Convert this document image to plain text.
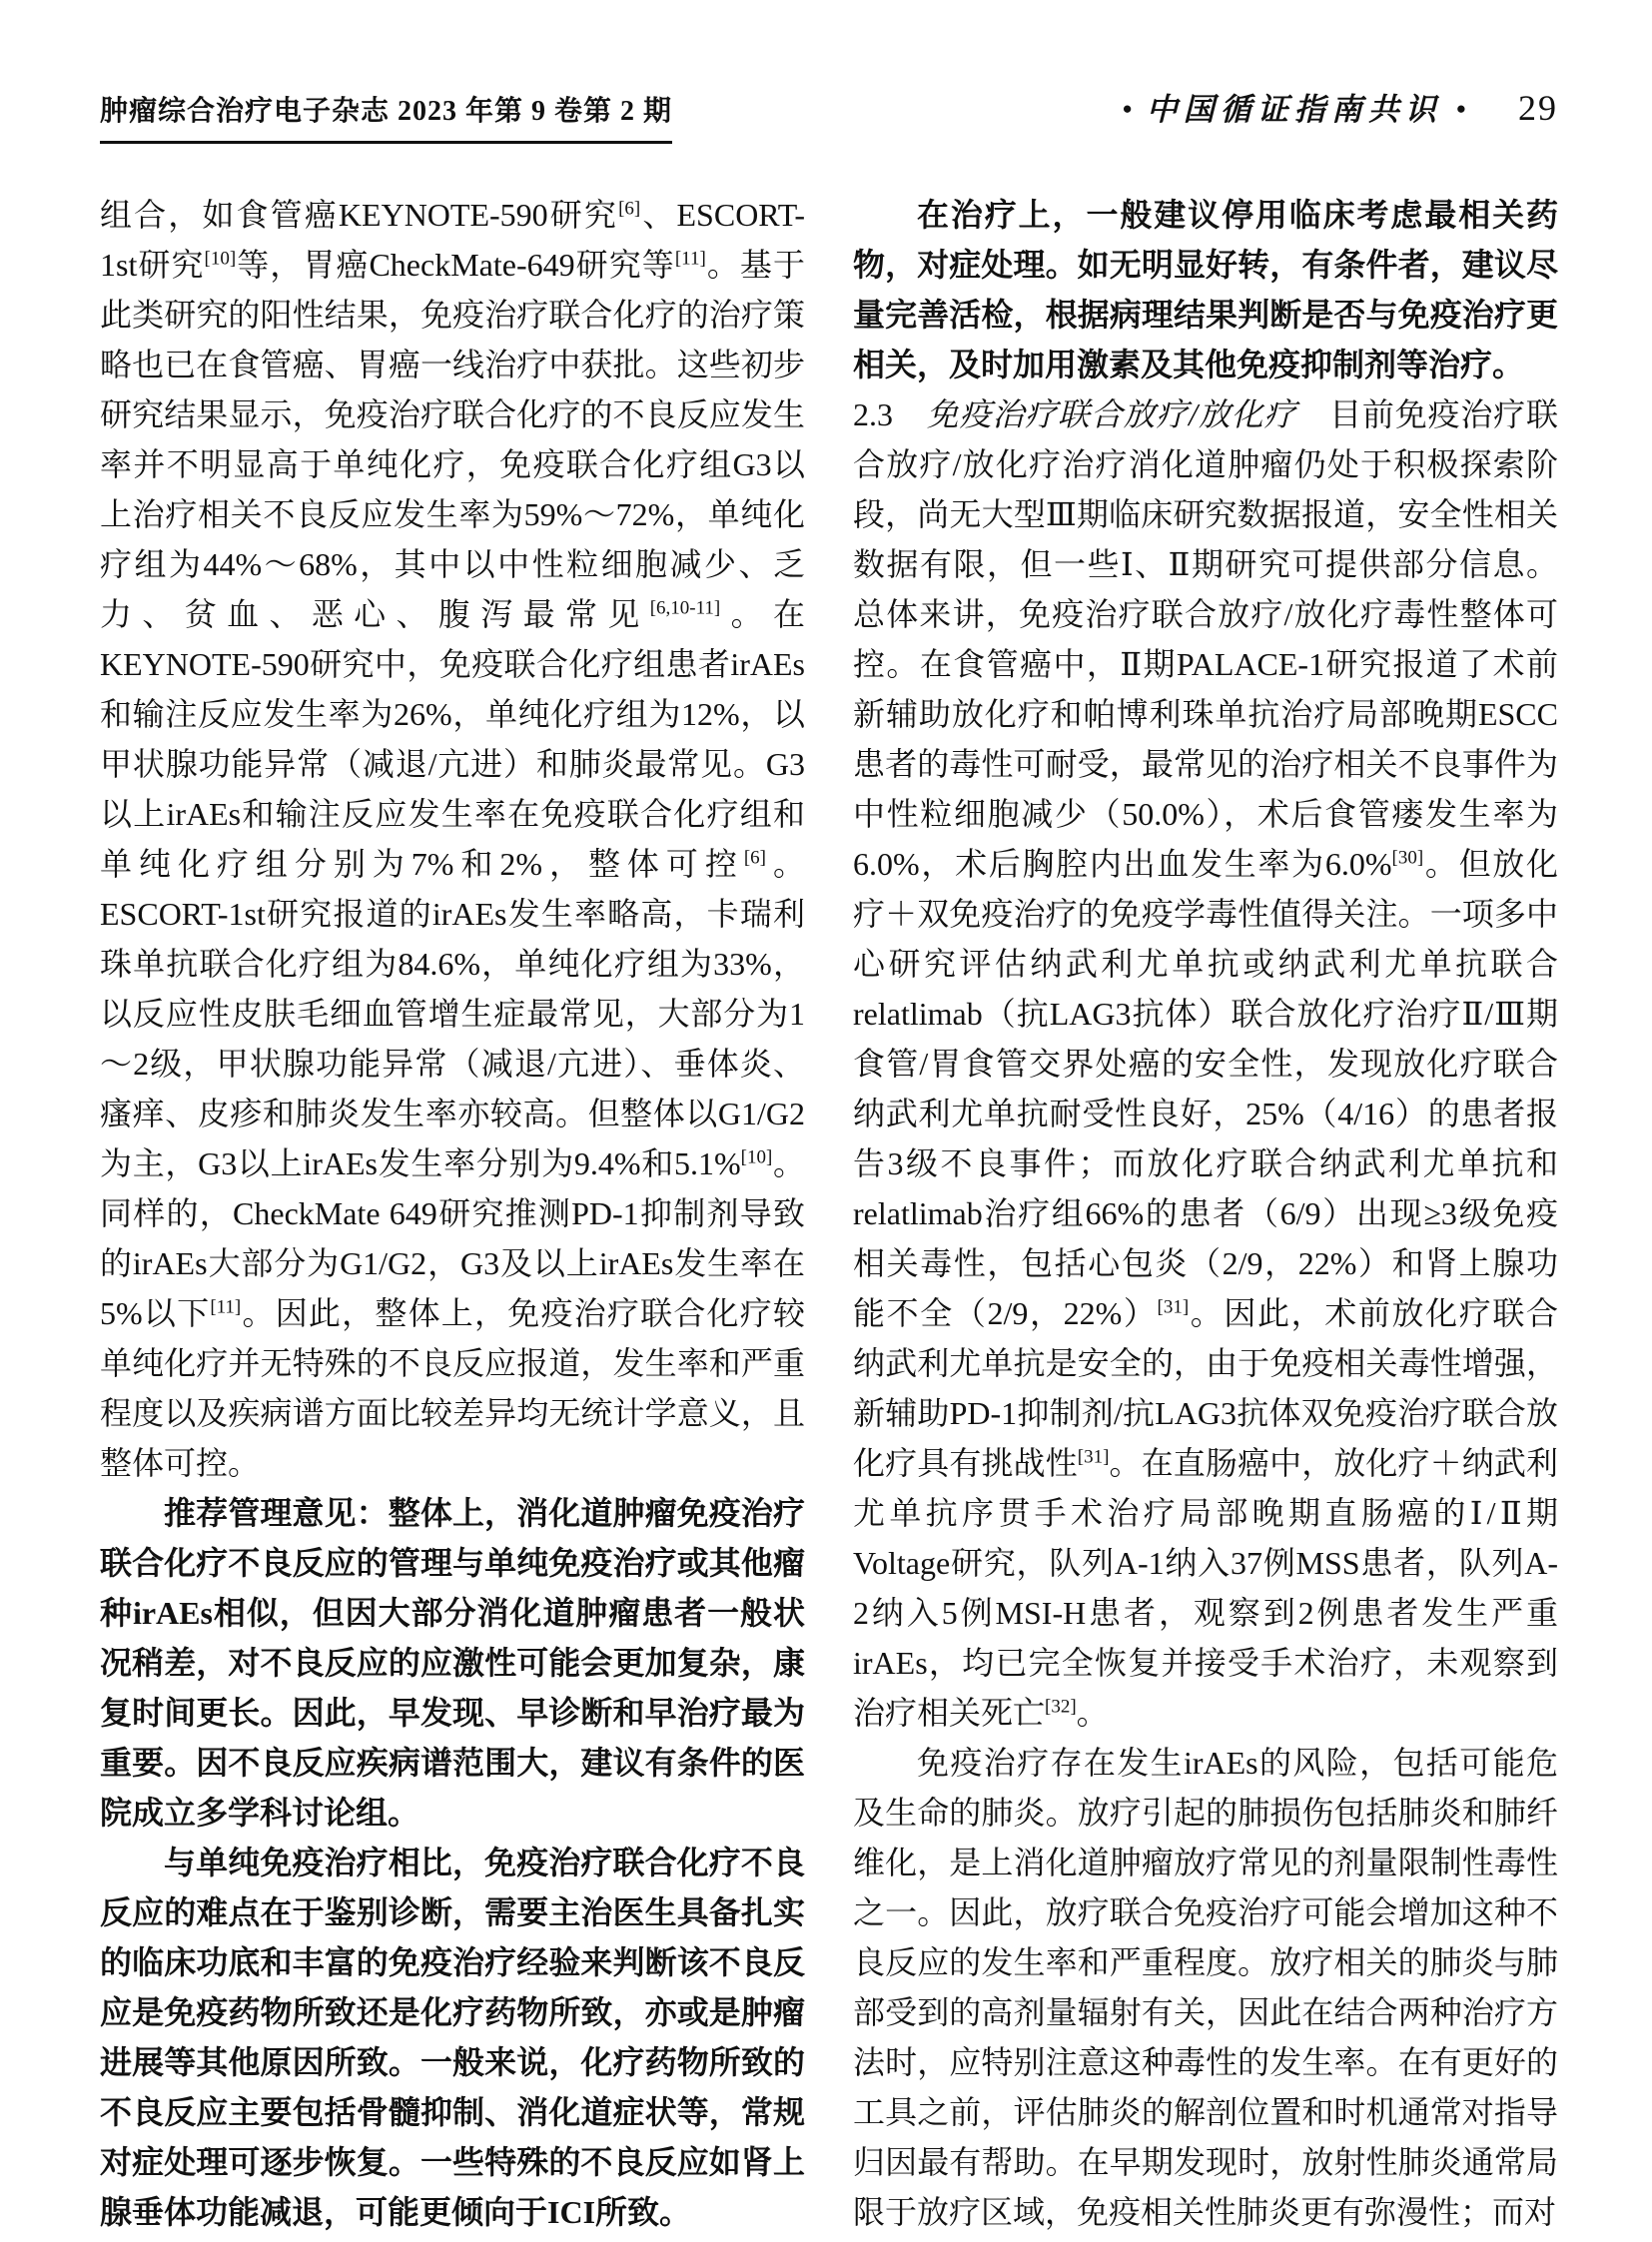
肿瘤综合治疗电子杂志 2023 年第 9 卷第 2 期	● 中国循证指南共识 ● 29

组合，如食管癌KEYNOTE-590研究[6]、ESCORT-1st研究[10]等，胃癌CheckMate-649研究等[11]。基于此类研究的阳性结果，免疫治疗联合化疗的治疗策略也已在食管癌、胃癌一线治疗中获批。这些初步研究结果显示，免疫治疗联合化疗的不良反应发生率并不明显高于单纯化疗，免疫联合化疗组G3以上治疗相关不良反应发生率为59%～72%，单纯化疗组为44%～68%，其中以中性粒细胞减少、乏力、贫血、恶心、腹泻最常见[6,10-11]。在KEYNOTE-590研究中，免疫联合化疗组患者irAEs和输注反应发生率为26%，单纯化疗组为12%，以甲状腺功能异常（减退/亢进）和肺炎最常见。G3以上irAEs和输注反应发生率在免疫联合化疗组和单纯化疗组分别为7%和2%，整体可控[6]。ESCORT-1st研究报道的irAEs发生率略高，卡瑞利珠单抗联合化疗组为84.6%，单纯化疗组为33%，以反应性皮肤毛细血管增生症最常见，大部分为1～2级，甲状腺功能异常（减退/亢进）、垂体炎、瘙痒、皮疹和肺炎发生率亦较高。但整体以G1/G2为主，G3以上irAEs发生率分别为9.4%和5.1%[10]。同样的，CheckMate 649研究推测PD-1抑制剂导致的irAEs大部分为G1/G2，G3及以上irAEs发生率在5%以下[11]。因此，整体上，免疫治疗联合化疗较单纯化疗并无特殊的不良反应报道，发生率和严重程度以及疾病谱方面比较差异均无统计学意义，且整体可控。

推荐管理意见：整体上，消化道肿瘤免疫治疗联合化疗不良反应的管理与单纯免疫治疗或其他瘤种irAEs相似，但因大部分消化道肿瘤患者一般状况稍差，对不良反应的应激性可能会更加复杂，康复时间更长。因此，早发现、早诊断和早治疗最为重要。因不良反应疾病谱范围大，建议有条件的医院成立多学科讨论组。

与单纯免疫治疗相比，免疫治疗联合化疗不良反应的难点在于鉴别诊断，需要主治医生具备扎实的临床功底和丰富的免疫治疗经验来判断该不良反应是免疫药物所致还是化疗药物所致，亦或是肿瘤进展等其他原因所致。一般来说，化疗药物所致的不良反应主要包括骨髓抑制、消化道症状等，常规对症处理可逐步恢复。一些特殊的不良反应如肾上腺垂体功能减退，可能更倾向于ICI所致。

在治疗上，一般建议停用临床考虑最相关药物，对症处理。如无明显好转，有条件者，建议尽量完善活检，根据病理结果判断是否与免疫治疗更相关，及时加用激素及其他免疫抑制剂等治疗。

2.3　免疫治疗联合放疗/放化疗　目前免疫治疗联合放疗/放化疗治疗消化道肿瘤仍处于积极探索阶段，尚无大型Ⅲ期临床研究数据报道，安全性相关数据有限，但一些Ⅰ、Ⅱ期研究可提供部分信息。总体来讲，免疫治疗联合放疗/放化疗毒性整体可控。在食管癌中，Ⅱ期PALACE-1研究报道了术前新辅助放化疗和帕博利珠单抗治疗局部晚期ESCC患者的毒性可耐受，最常见的治疗相关不良事件为中性粒细胞减少（50.0%），术后食管瘘发生率为6.0%，术后胸腔内出血发生率为6.0%[30]。但放化疗＋双免疫治疗的免疫学毒性值得关注。一项多中心研究评估纳武利尤单抗或纳武利尤单抗联合relatlimab（抗LAG3抗体）联合放化疗治疗Ⅱ/Ⅲ期食管/胃食管交界处癌的安全性，发现放化疗联合纳武利尤单抗耐受性良好，25%（4/16）的患者报告3级不良事件；而放化疗联合纳武利尤单抗和relatlimab治疗组66%的患者（6/9）出现≥3级免疫相关毒性，包括心包炎（2/9，22%）和肾上腺功能不全（2/9，22%）[31]。因此，术前放化疗联合纳武利尤单抗是安全的，由于免疫相关毒性增强，新辅助PD-1抑制剂/抗LAG3抗体双免疫治疗联合放化疗具有挑战性[31]。在直肠癌中，放化疗＋纳武利尤单抗序贯手术治疗局部晚期直肠癌的Ⅰ/Ⅱ期Voltage研究，队列A-1纳入37例MSS患者，队列A-2纳入5例MSI-H患者，观察到2例患者发生严重irAEs，均已完全恢复并接受手术治疗，未观察到治疗相关死亡[32]。

免疫治疗存在发生irAEs的风险，包括可能危及生命的肺炎。放疗引起的肺损伤包括肺炎和肺纤维化，是上消化道肿瘤放疗常见的剂量限制性毒性之一。因此，放疗联合免疫治疗可能会增加这种不良反应的发生率和严重程度。放疗相关的肺炎与肺部受到的高剂量辐射有关，因此在结合两种治疗方法时，应特别注意这种毒性的发生率。在有更好的工具之前，评估肺炎的解剖位置和时机通常对指导归因最有帮助。在早期发现时，放射性肺炎通常局限于放疗区域，免疫相关性肺炎更有弥漫性；而对
